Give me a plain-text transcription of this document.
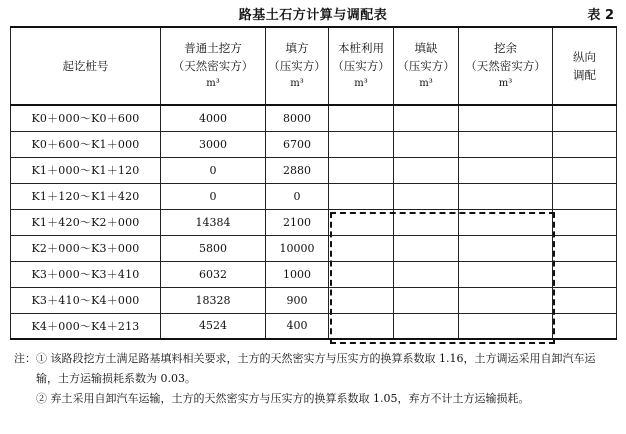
路基土石方计算与调配表	表 2
起讫桩号	普通土挖方
（天然密实方）
m³	填方
（压实方）
m³	本桩利用
（压实方）
m³	填缺
（压实方）
m³	挖余
（天然密实方）
m³	纵向
调配

K0＋000～K0＋600	4000	8000				
K0＋600～K1＋000	3000	6700				
K1＋000～K1＋120	0	2880				
K1＋120～K1＋420	0	0				
K1＋420～K2＋000	14384	2100				
K2＋000～K3＋000	5800	10000				
K3＋000～K3＋410	6032	1000				
K3＋410～K4＋000	18328	900				
K4＋000～K4＋213	4524	400				
注： ① 该路段挖方土满足路基填料相关要求，土方的天然密实方与压实方的换算系数取 1.16，土方调运采用自卸汽车运输，土方运输损耗系数为 0.03。
② 弃土采用自卸汽车运输，土方的天然密实方与压实方的换算系数取 1.05，弃方不计土方运输损耗。
